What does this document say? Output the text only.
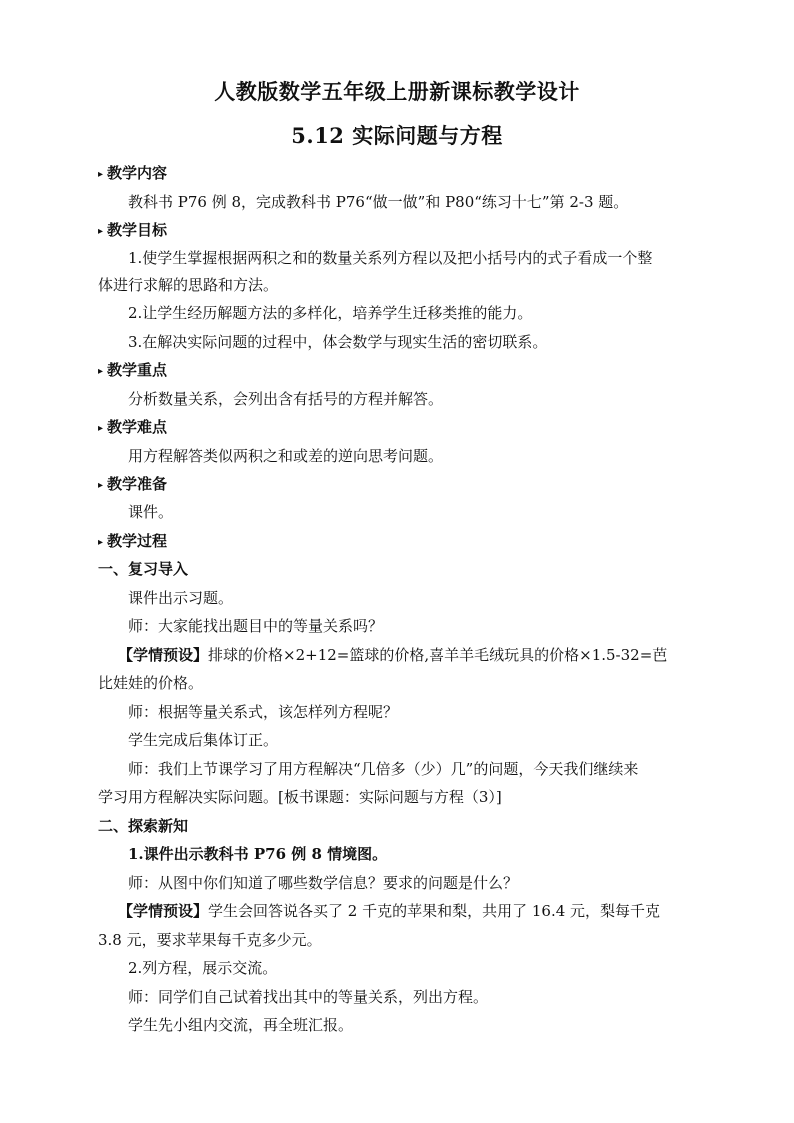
人教版数学五年级上册新课标教学设计
5.12 实际问题与方程
▸ 教学内容
教科书 P76 例 8，完成教科书 P76“做一做”和 P80“练习十七”第 2-3 题。
▸ 教学目标
1.使学生掌握根据两积之和的数量关系列方程以及把小括号内的式子看成一个整
体进行求解的思路和方法。
2.让学生经历解题方法的多样化，培养学生迁移类推的能力。
3.在解决实际问题的过程中，体会数学与现实生活的密切联系。
▸ 教学重点
分析数量关系，会列出含有括号的方程并解答。
▸ 教学难点
用方程解答类似两积之和或差的逆向思考问题。
▸ 教学准备
课件。
▸ 教学过程
一、复习导入
课件出示习题。
师：大家能找出题目中的等量关系吗？
【学情预设】排球的价格×2+12=篮球的价格,喜羊羊毛绒玩具的价格×1.5-32=芭
比娃娃的价格。
师：根据等量关系式，该怎样列方程呢？
学生完成后集体订正。
师：我们上节课学习了用方程解决“几倍多（少）几”的问题，今天我们继续来
学习用方程解决实际问题。[板书课题：实际问题与方程（3）]
二、探索新知
1.课件出示教科书 P76 例 8 情境图。
师：从图中你们知道了哪些数学信息？要求的问题是什么？
【学情预设】学生会回答说各买了 2 千克的苹果和梨，共用了 16.4 元，梨每千克
3.8 元，要求苹果每千克多少元。
2.列方程，展示交流。
师：同学们自己试着找出其中的等量关系，列出方程。
学生先小组内交流，再全班汇报。
